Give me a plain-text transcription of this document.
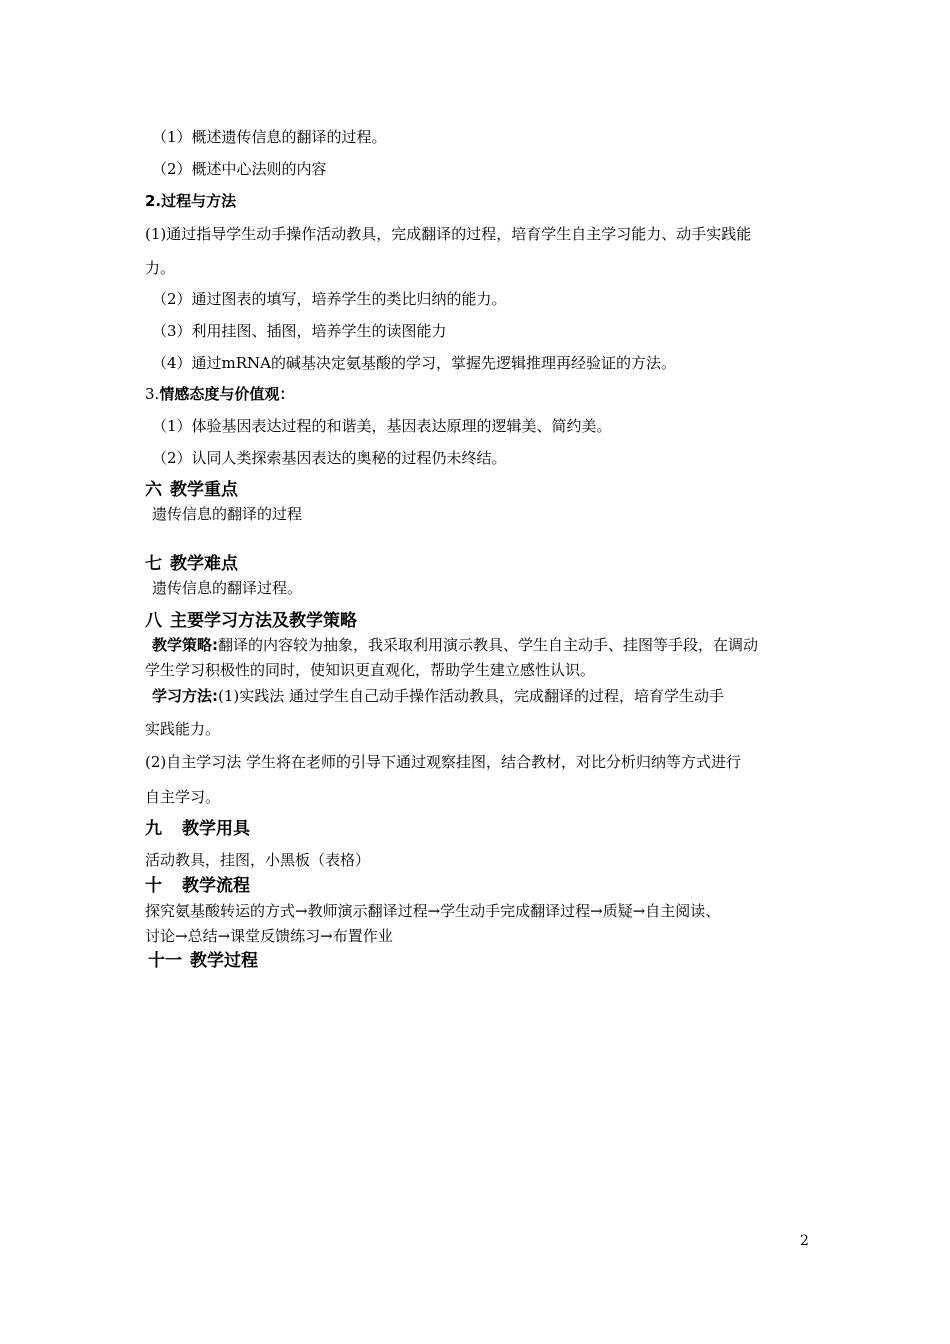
（1）概述遗传信息的翻译的过程。
（2）概述中心法则的内容
2.过程与方法
(1)通过指导学生动手操作活动教具，完成翻译的过程，培育学生自主学习能力、动手实践能
力。
（2）通过图表的填写，培养学生的类比归纳的能力。
（3）利用挂图、插图，培养学生的读图能力
（4）通过mRNA的碱基决定氨基酸的学习，掌握先逻辑推理再经验证的方法。
3.情感态度与价值观：
（1）体验基因表达过程的和谐美，基因表达原理的逻辑美、简约美。
（2）认同人类探索基因表达的奥秘的过程仍未终结。
六 教学重点
遗传信息的翻译的过程
七 教学难点
遗传信息的翻译过程。
八 主要学习方法及教学策略
教学策略:翻译的内容较为抽象，我采取利用演示教具、学生自主动手、挂图等手段，在调动
学生学习积极性的同时，使知识更直观化，帮助学生建立感性认识。
学习方法:(1)实践法 通过学生自己动手操作活动教具，完成翻译的过程，培育学生动手
实践能力。
(2)自主学习法 学生将在老师的引导下通过观察挂图，结合教材，对比分析归纳等方式进行
自主学习。
九 教学用具
活动教具，挂图，小黑板（表格）
十 教学流程
探究氨基酸转运的方式→教师演示翻译过程→学生动手完成翻译过程→质疑→自主阅读、
讨论→总结→课堂反馈练习→布置作业
十一 教学过程
2
